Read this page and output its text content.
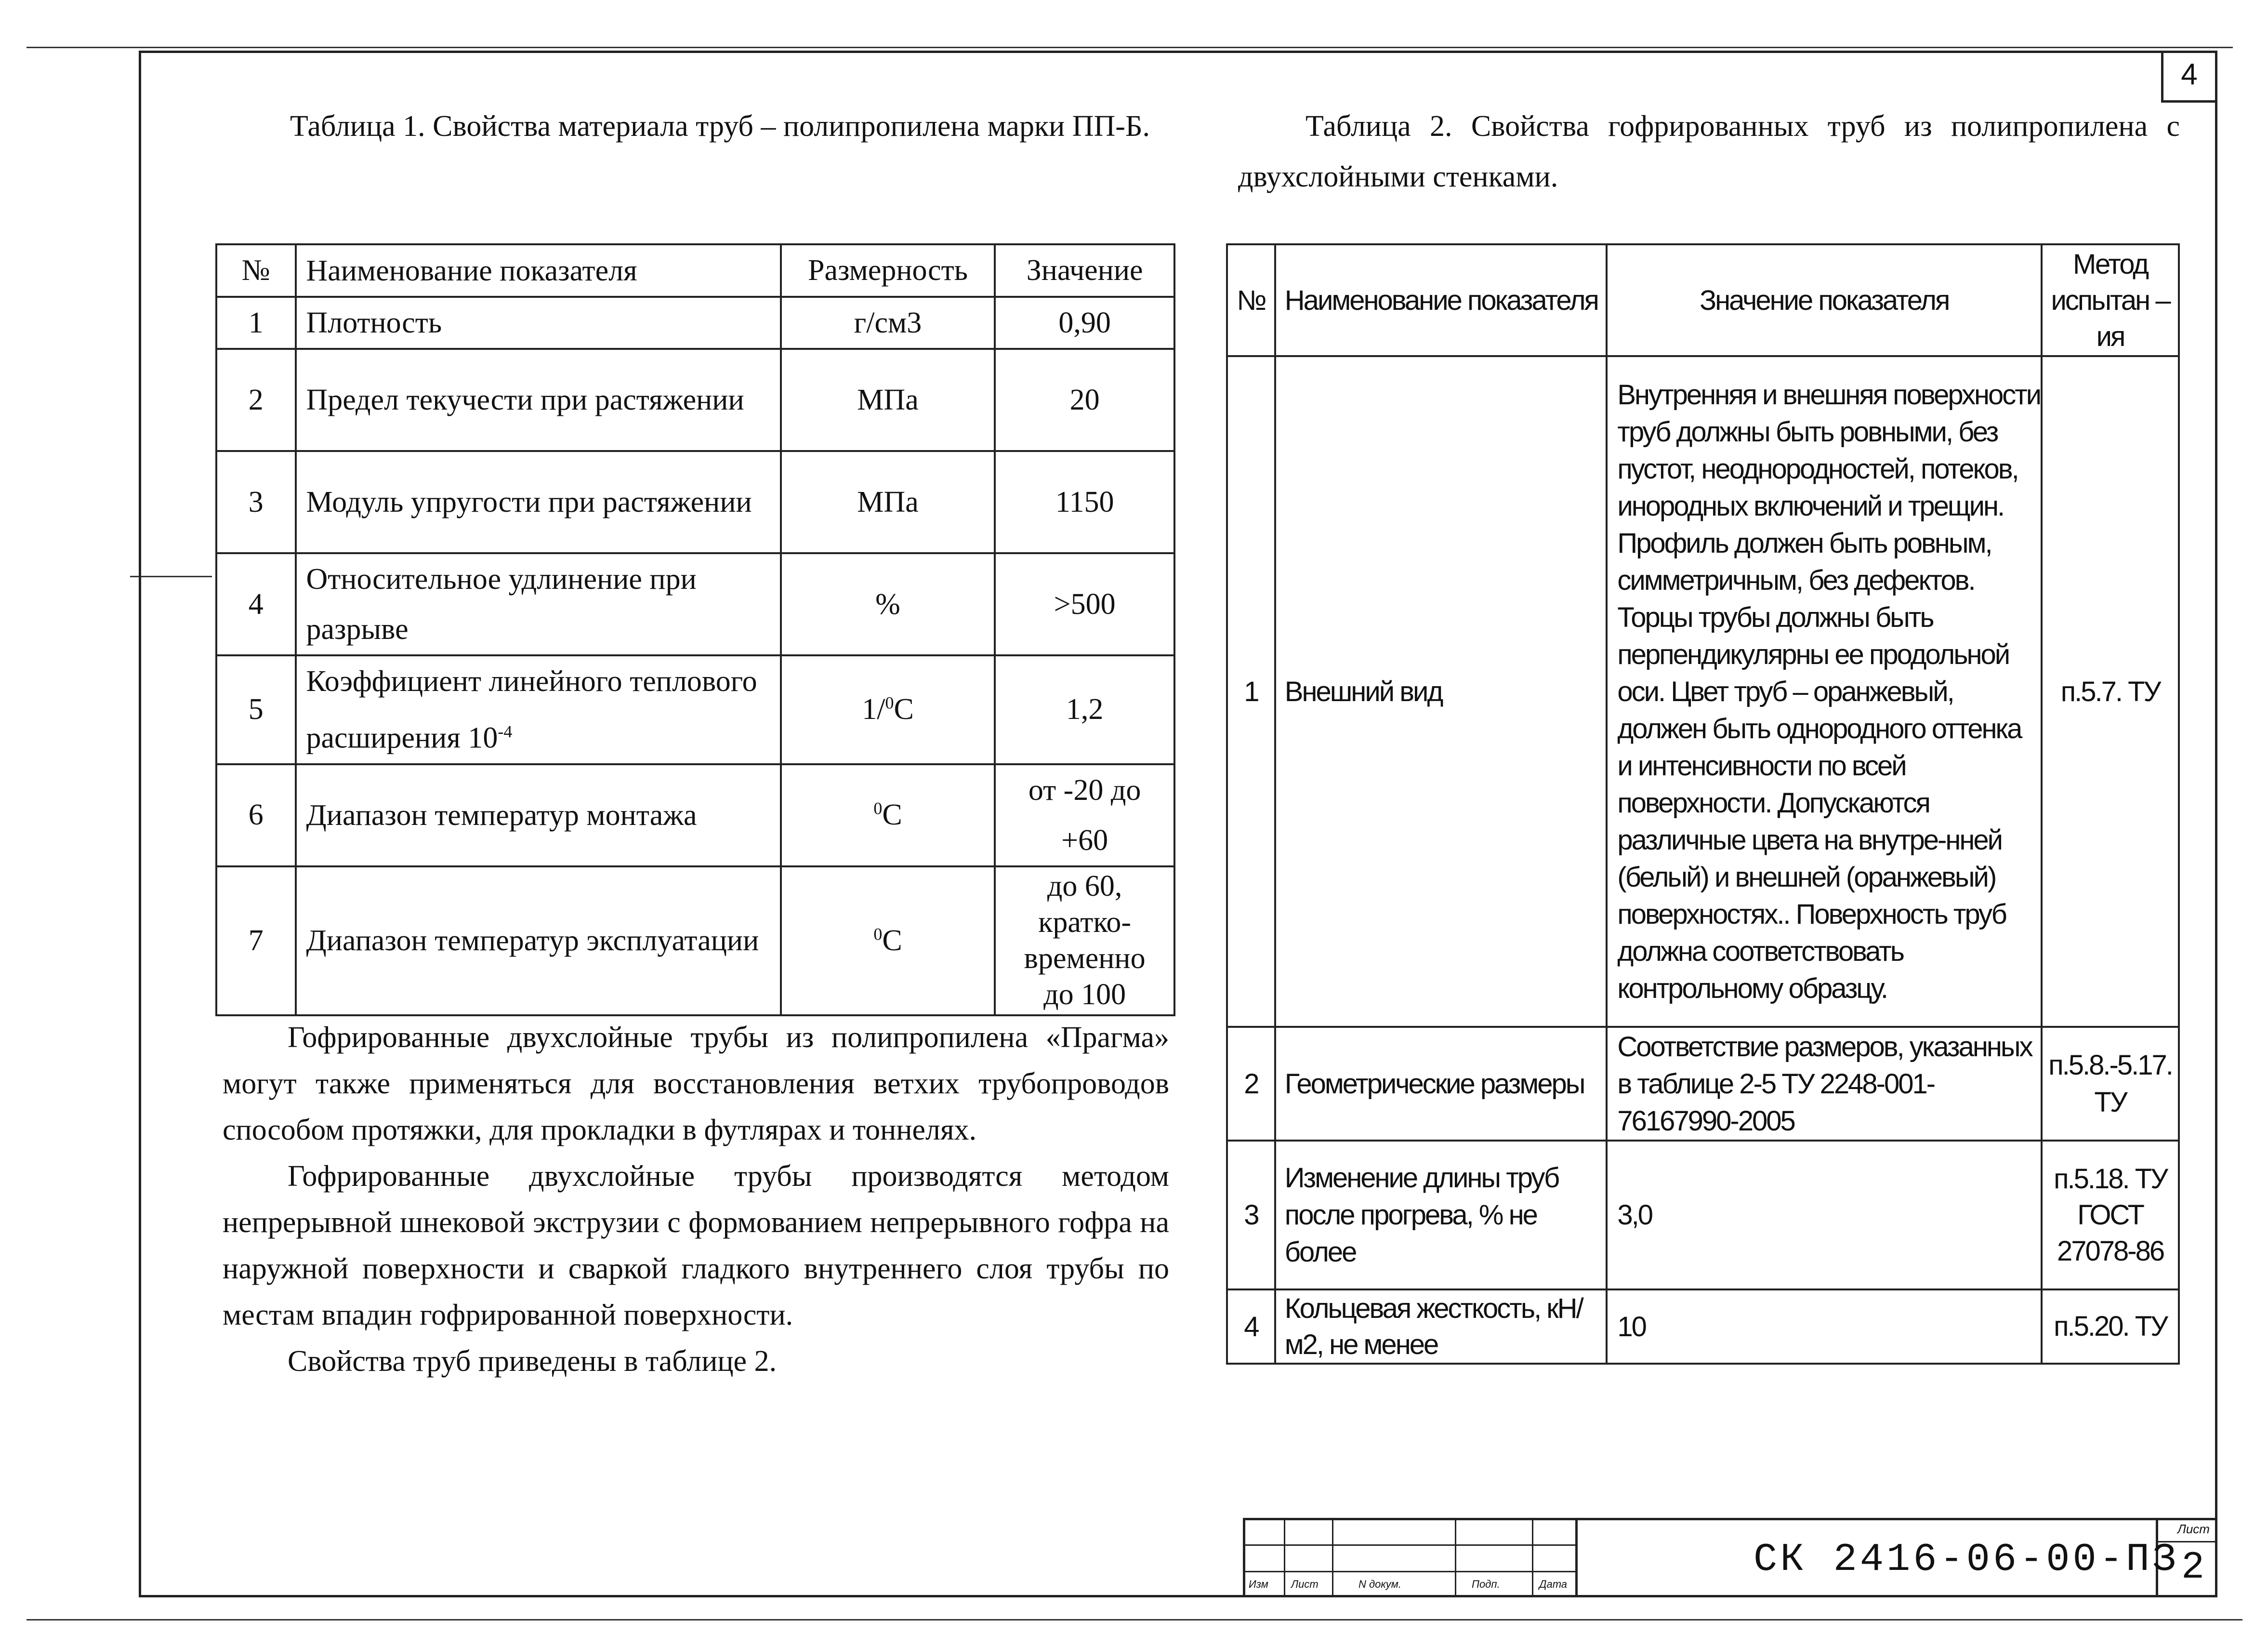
4
Таблица 1. Свойства материала труб – полипропилена марки ПП-Б.	Таблица 2. Свойства гофрированных труб из полипропилена с двухслойными стенками.
№	Наименование показателя	Размерность	Значение
1	Плотность	г/см3	0,90
2	Предел текучести при растяжении	МПа	20
3	Модуль упругости при растяжении	МПа	1150
4	Относительное удлинение при разрыве	%	>500
5	Коэффициент линейного теплового расширения $10^{-4}$	1/$^0$C	1,2
6	Диапазон температур монтажа	$^0$C	от -20 до +60
7	Диапазон температур эксплуатации	$^0$C	до 60, кратко-временно до 100
№	Наименование показателя	Значение показателя	Метод испытан – ия
1	Внешний вид	Внутренняя и внешняя поверхности труб должны быть ровными, без пустот, неоднородностей, потеков, инородных включений и трещин. Профиль должен быть ровным, симметричным, без дефектов. Торцы трубы должны быть перпендикулярны ее продольной оси. Цвет труб – оранжевый, должен быть однородного оттенка и интенсивности по всей поверхности. Допускаются различные цвета на внутре-нней (белый) и внешней (оранжевый) поверхностях.. Поверхность труб должна соответствовать контрольному образцу.	п.5.7. ТУ
2	Геометрические размеры	Соответствие размеров, указанных в таблице 2-5 ТУ 2248-001-76167990-2005	п.5.8.-5.17. ТУ
3	Изменение длины труб после прогрева, % не более	3,0	п.5.18. ТУ ГОСТ 27078-86
4	Кольцевая жесткость, кН/м2, не менее	10	п.5.20. ТУ

Гофрированные двухслойные трубы из полипропилена «Прагма» могут также применяться для восстановления ветхих трубопроводов способом протяжки, для прокладки в футлярах и тоннелях.

Гофрированные двухслойные трубы производятся методом непрерывной шнековой экструзии с формованием непрерывного гофра на наружной поверхности и сваркой гладкого внутреннего слоя трубы по местам впадин гофрированной поверхности.

Свойства труб приведены в таблице 2.

Изм Лист	N докум.	Подп.	Дата
СК 2416-06-00-ПЗ
Лист
2
